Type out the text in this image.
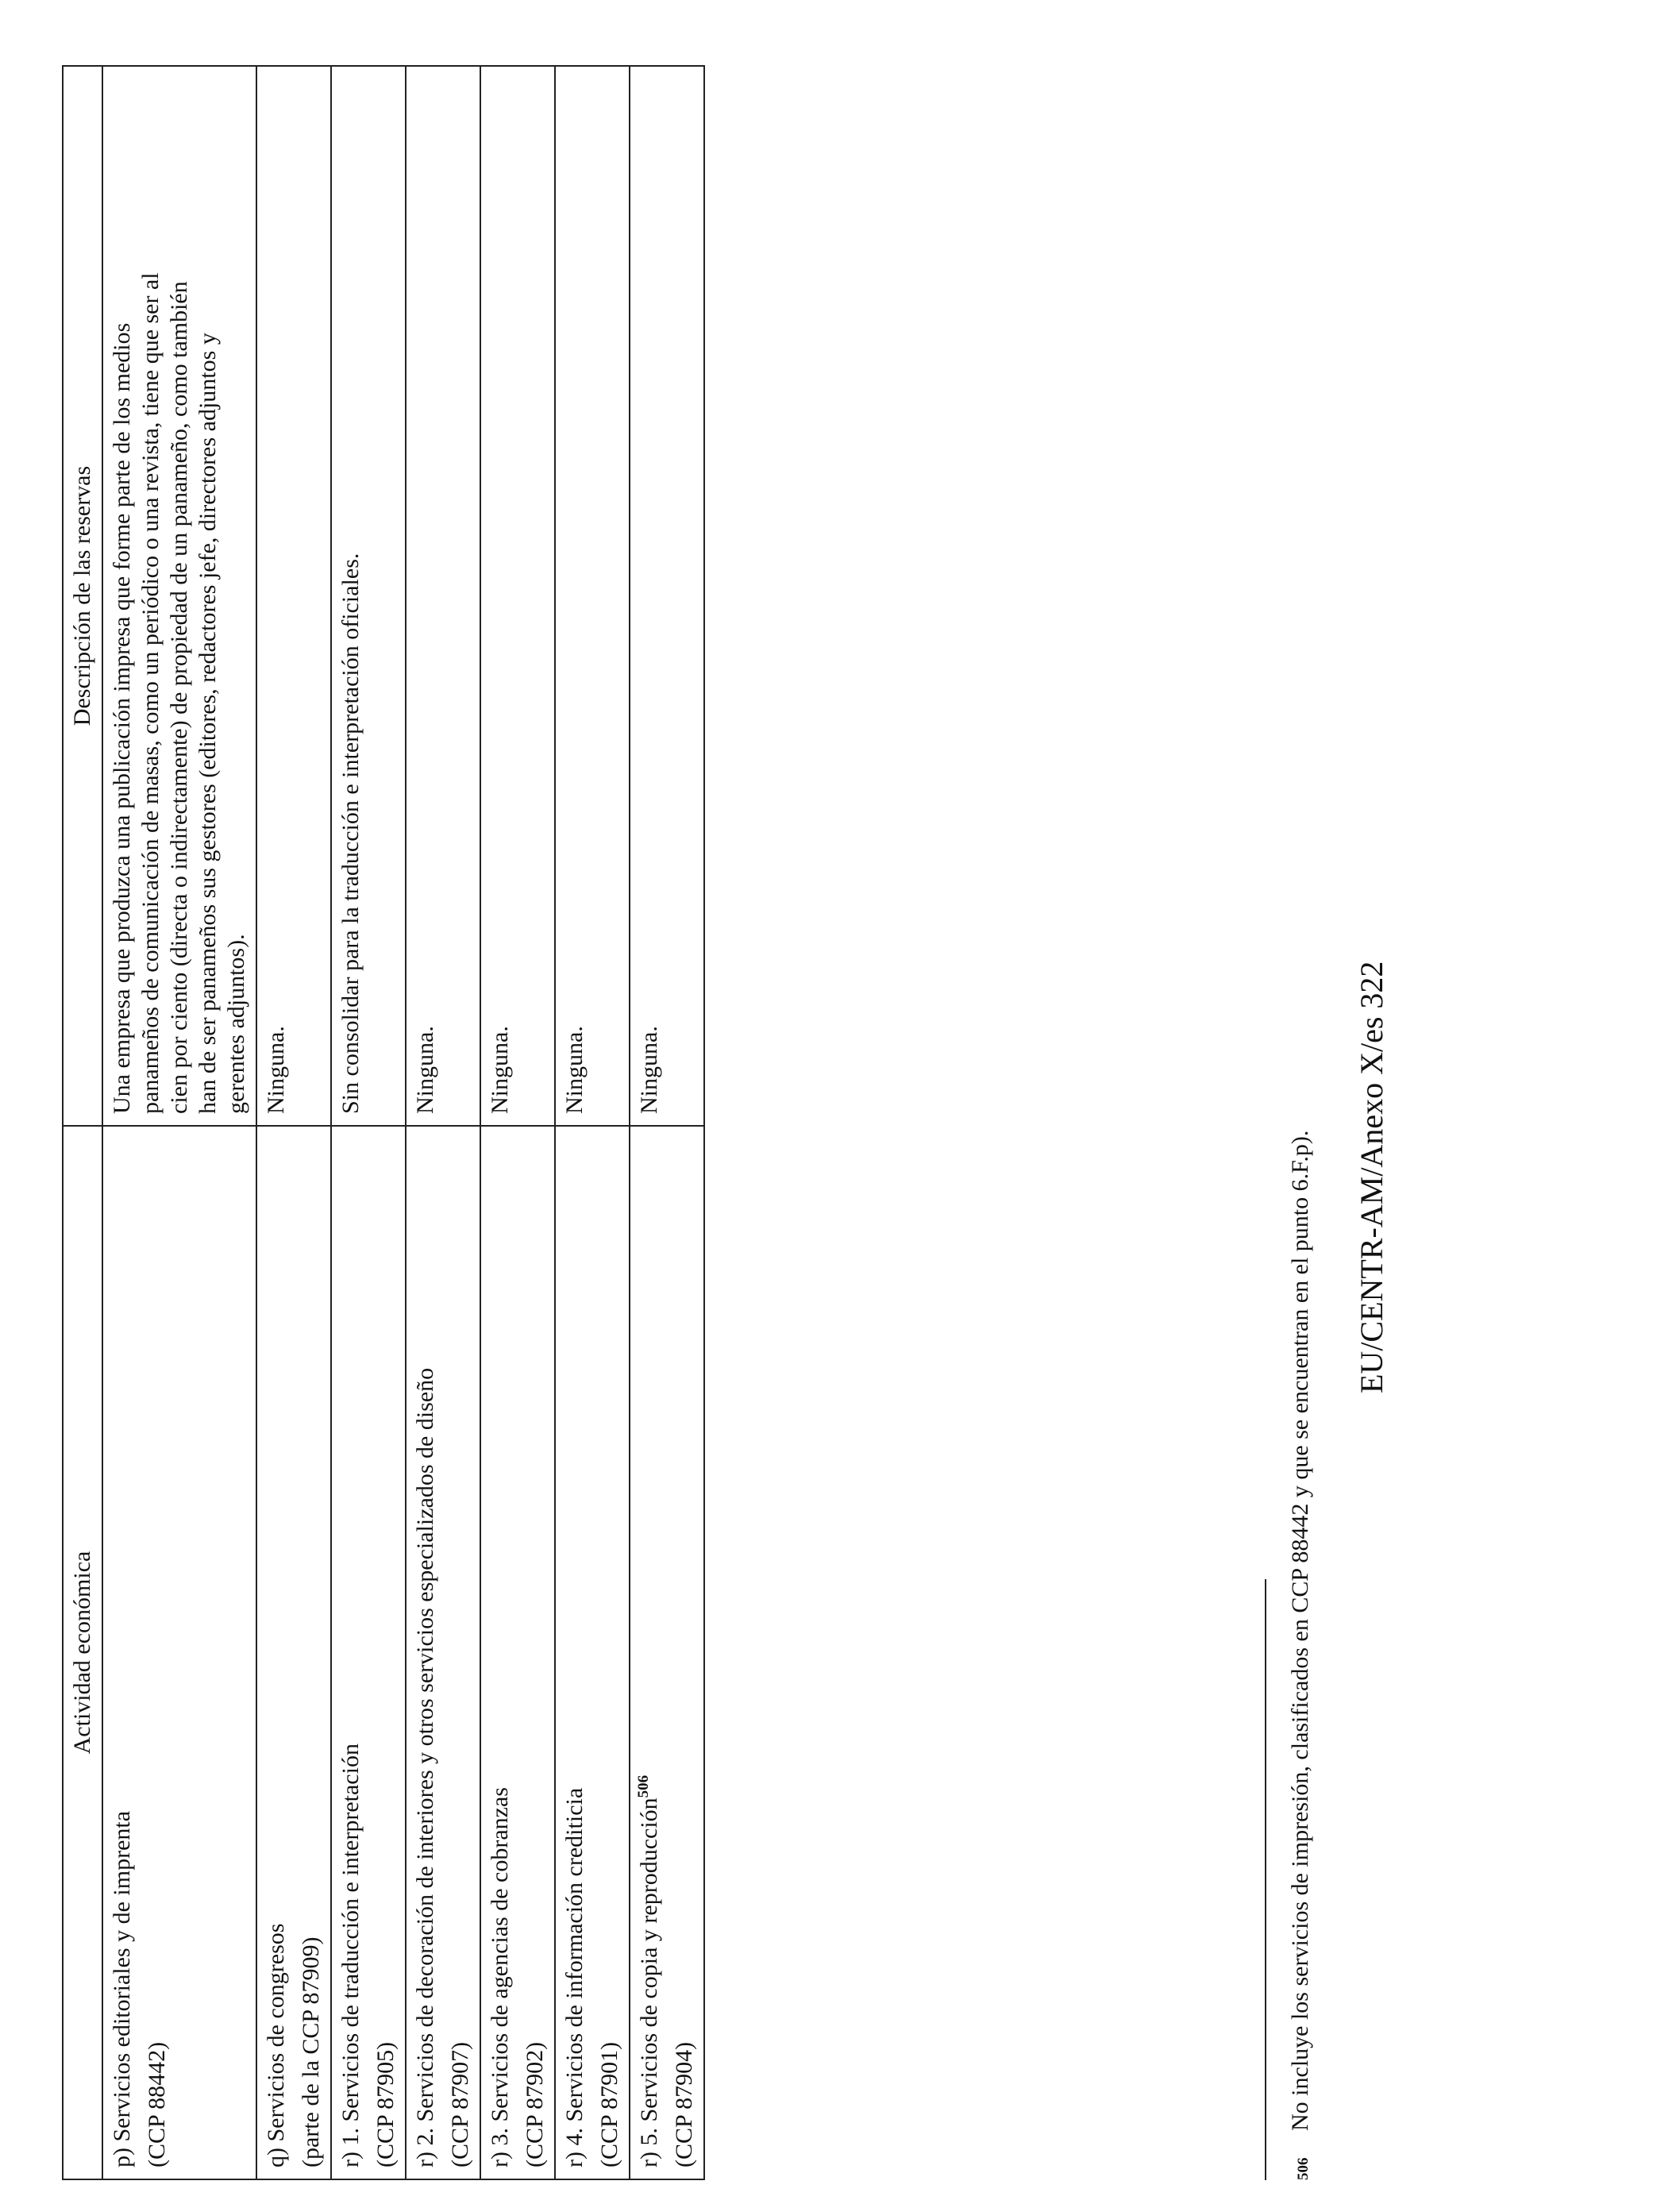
Actividad económica	Descripción de las reservas

p) Servicios editoriales y de imprenta (CCP 88442)	Una empresa que produzca una publicación impresa que forme parte de los medios
panameños de comunicación de masas, como un periódico o una revista, tiene que ser al
cien por ciento (directa o indirectamente) de propiedad de un panameño, como también
han de ser panameños sus gestores (editores, redactores jefe, directores adjuntos y
gerentes adjuntos).

q) Servicios de congresos (parte de la CCP 87909)	Ninguna.

r) 1. Servicios de traducción e interpretación (CCP 87905)	Sin consolidar para la traducción e interpretación oficiales.

r) 2. Servicios de decoración de interiores y otros servicios especializados de diseño (CCP 87907)	Ninguna.

r) 3. Servicios de agencias de cobranzas (CCP 87902)	Ninguna.

r) 4. Servicios de información crediticia (CCP 87901)	Ninguna.

r) 5. Servicios de copia y reproducción$^{506}$
(CCP 87904)	Ninguna.

506No incluye los servicios de impresión, clasificados en CCP 88442 y que se encuentran en el punto 6.F.p). EU/CENTR-AM/Anexo X/es 322
